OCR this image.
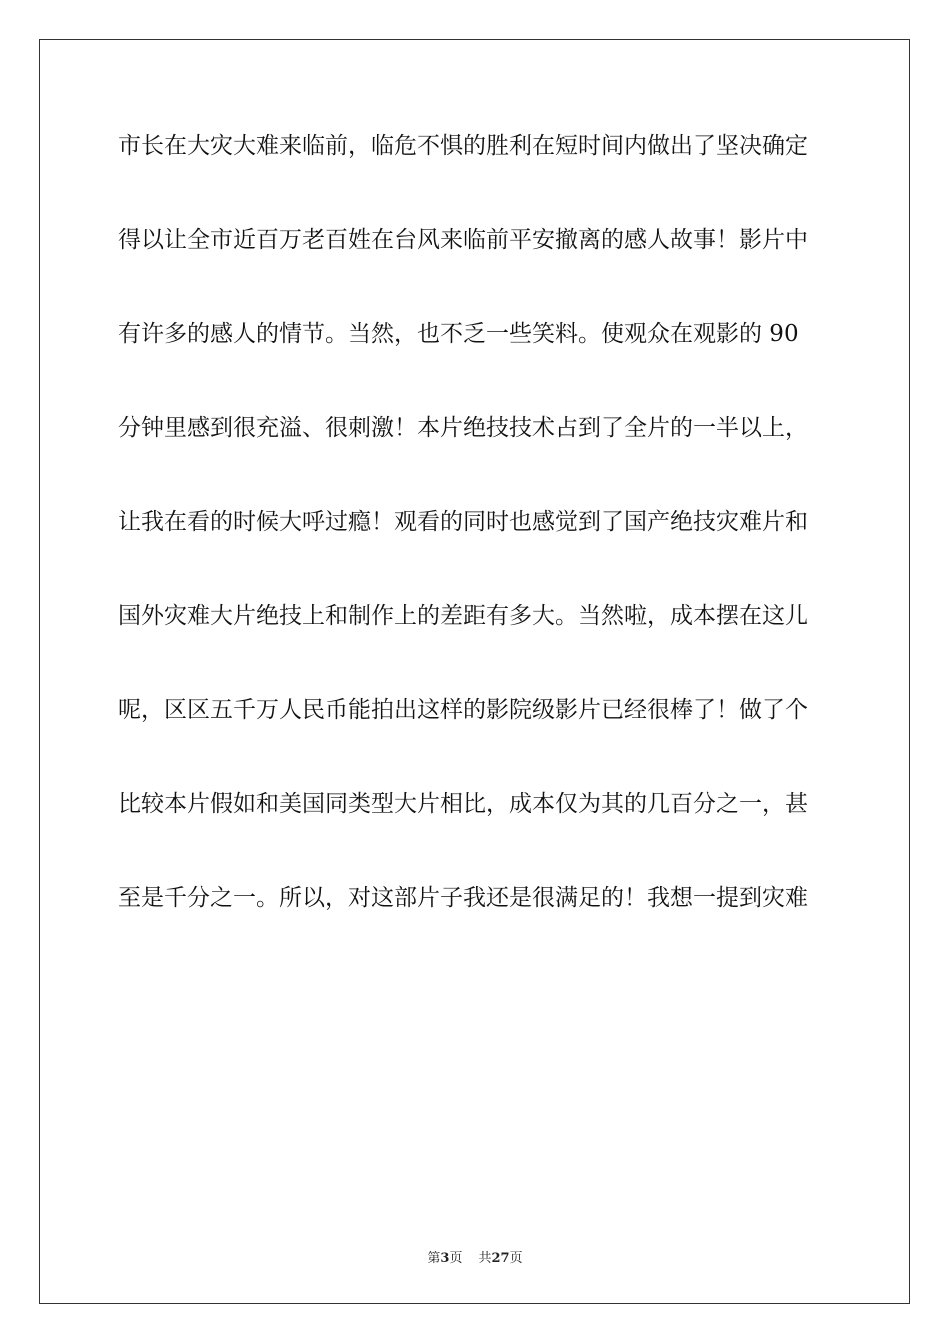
市长在大灾大难来临前，临危不惧的胜利在短时间内做出了坚决确定
得以让全市近百万老百姓在台风来临前平安撤离的感人故事！影片中
有许多的感人的情节。当然，也不乏一些笑料。使观众在观影的 90
分钟里感到很充溢、很刺激！本片绝技技术占到了全片的一半以上，
让我在看的时候大呼过瘾！观看的同时也感觉到了国产绝技灾难片和
国外灾难大片绝技上和制作上的差距有多大。当然啦，成本摆在这儿
呢，区区五千万人民币能拍出这样的影院级影片已经很棒了！做了个
比较本片假如和美国同类型大片相比，成本仅为其的几百分之一，甚
至是千分之一。所以，对这部片子我还是很满足的！我想一提到灾难
第3页 共27页
